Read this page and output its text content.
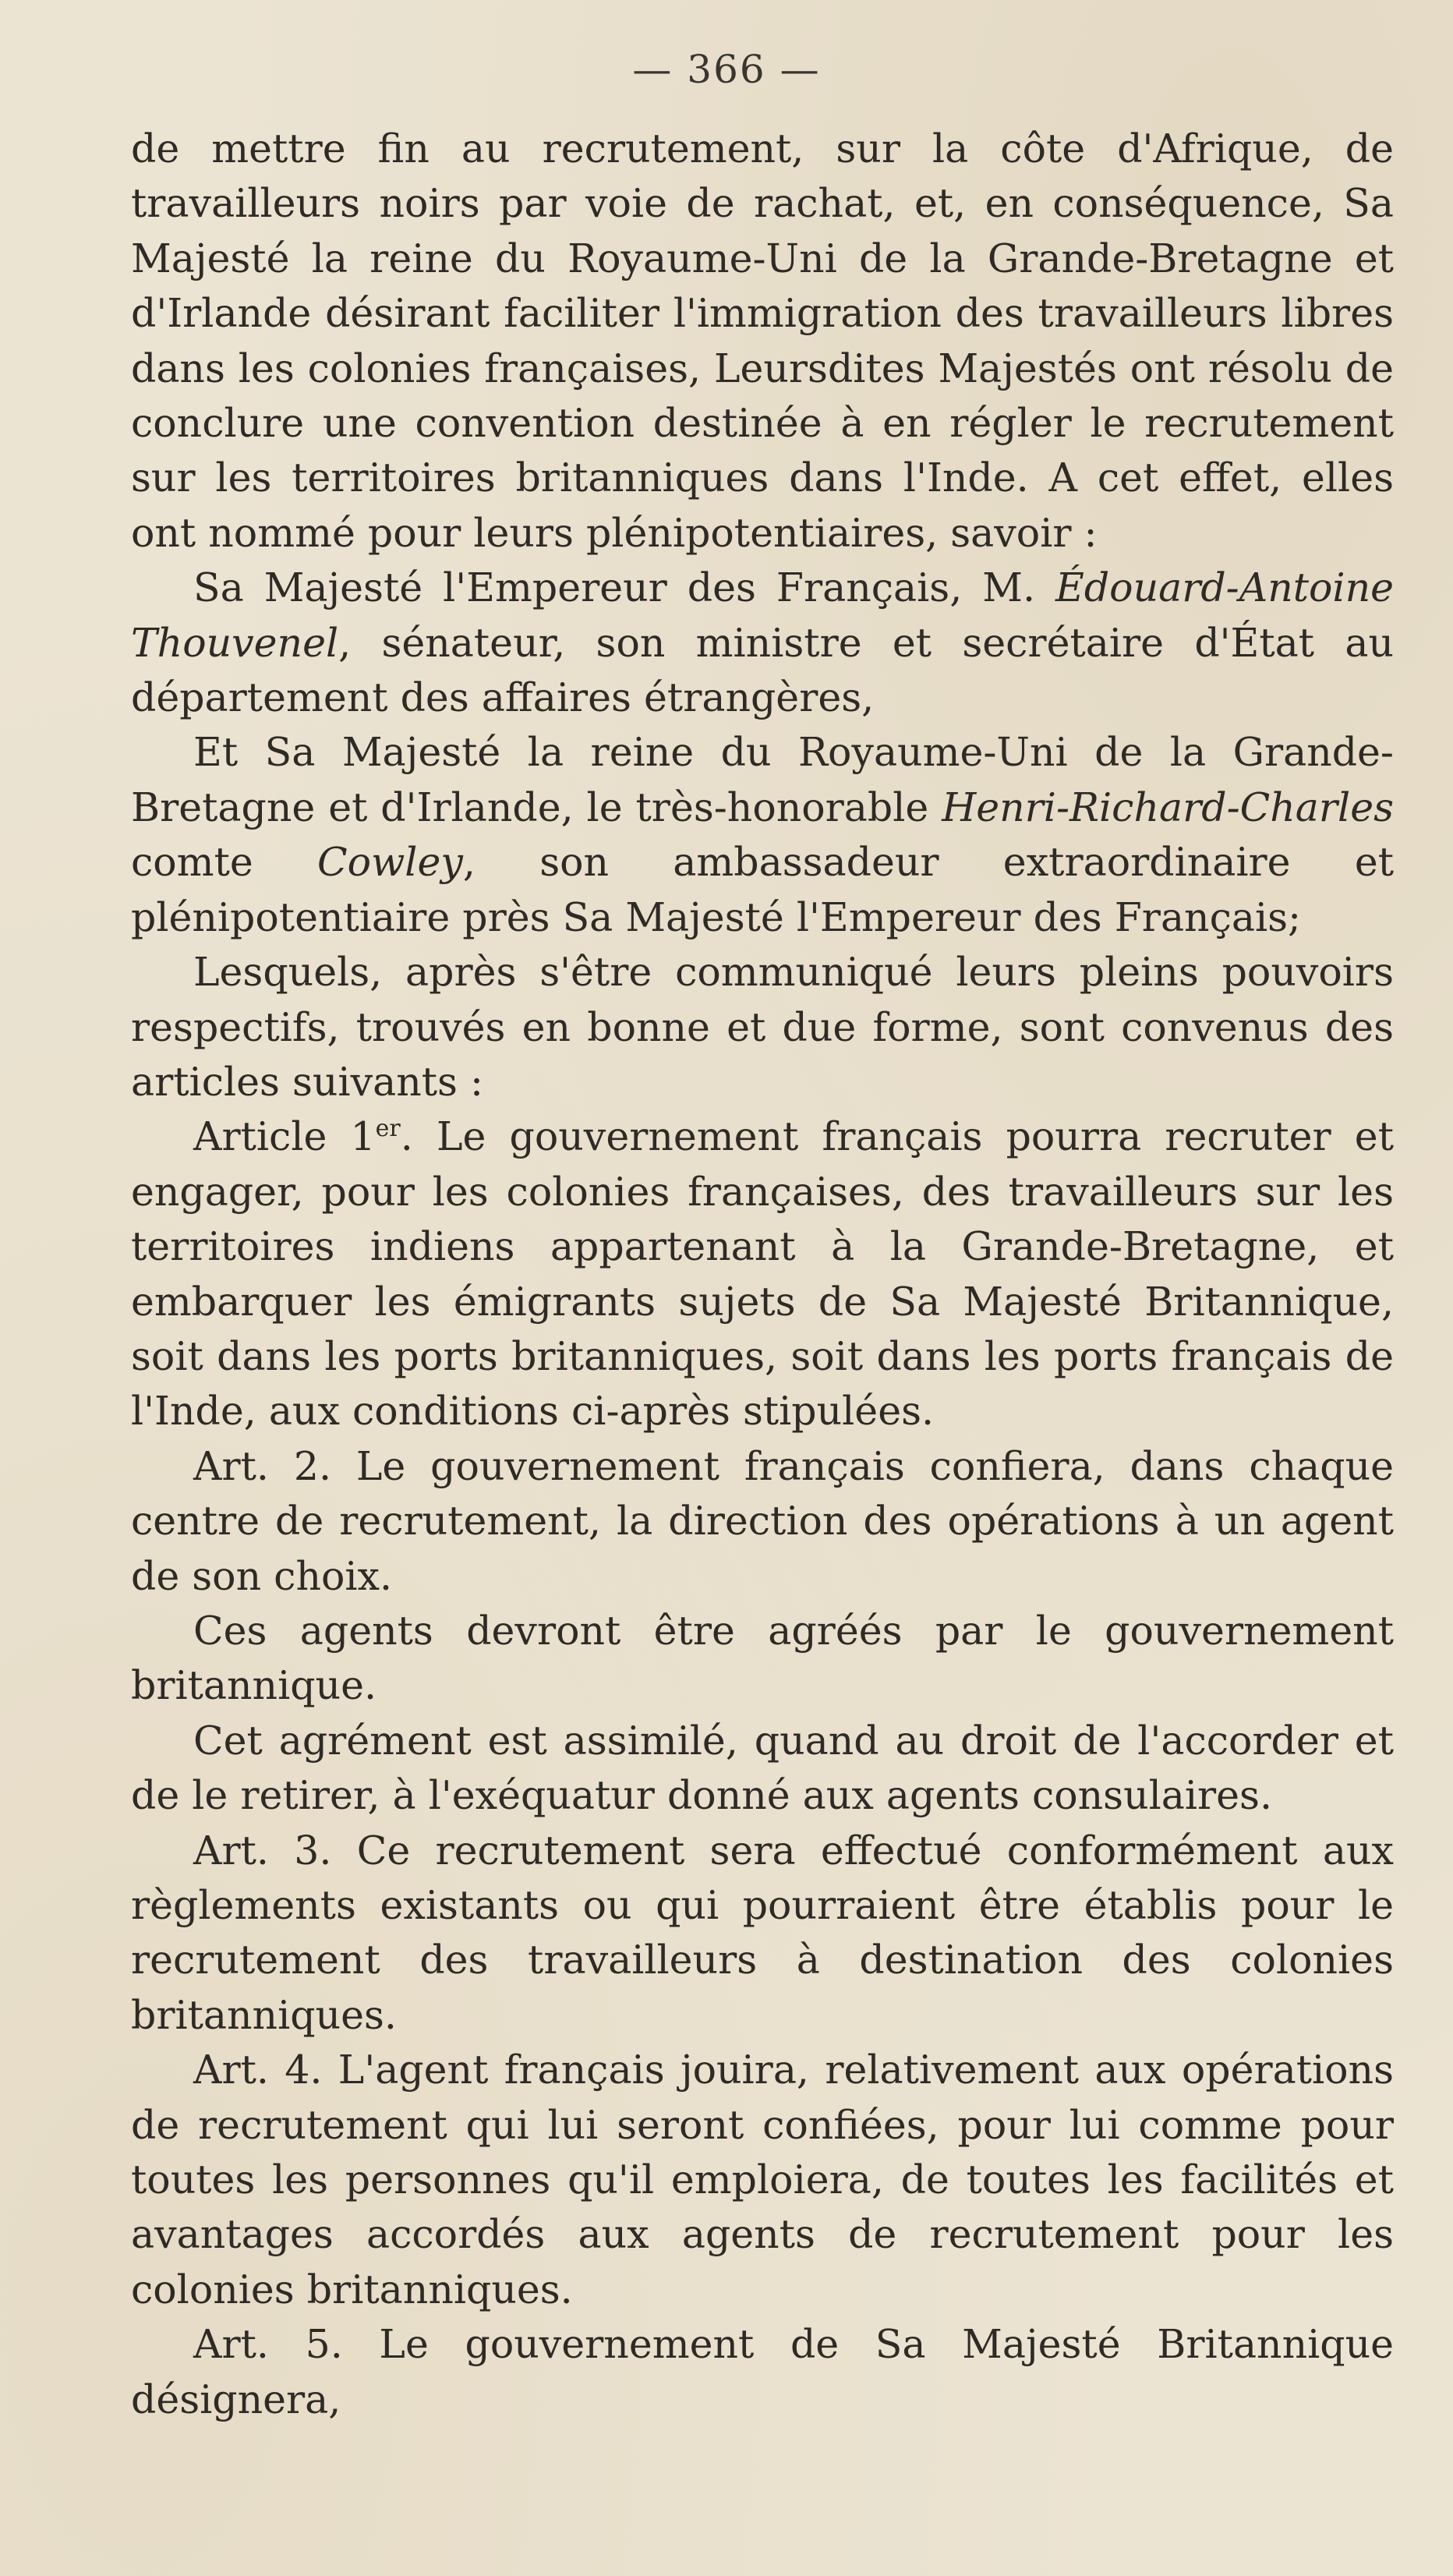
— 366 —

de mettre fin au recrutement, sur la côte d'Afrique, de travailleurs noirs par voie de rachat, et, en conséquence, Sa Majesté la reine du Royaume-Uni de la Grande-Bretagne et d'Irlande désirant faciliter l'immigration des travailleurs libres dans les colonies françaises, Leursdites Majestés ont résolu de conclure une convention destinée à en régler le recrutement sur les territoires britanniques dans l'Inde. A cet effet, elles ont nommé pour leurs plénipotentiaires, savoir :

Sa Majesté l'Empereur des Français, M. Édouard-Antoine Thouvenel, sénateur, son ministre et secrétaire d'État au département des affaires étrangères,

Et Sa Majesté la reine du Royaume-Uni de la Grande-Bretagne et d'Irlande, le très-honorable Henri-Richard-Charles comte Cowley, son ambassadeur extraordinaire et plénipotentiaire près Sa Majesté l'Empereur des Français;

Lesquels, après s'être communiqué leurs pleins pouvoirs respectifs, trouvés en bonne et due forme, sont convenus des articles suivants :

Article 1er. Le gouvernement français pourra recruter et engager, pour les colonies françaises, des travailleurs sur les territoires indiens appartenant à la Grande-Bretagne, et embarquer les émigrants sujets de Sa Majesté Britannique, soit dans les ports britanniques, soit dans les ports français de l'Inde, aux conditions ci-après stipulées.

Art. 2. Le gouvernement français confiera, dans chaque centre de recrutement, la direction des opérations à un agent de son choix.

Ces agents devront être agréés par le gouvernement britannique.

Cet agrément est assimilé, quand au droit de l'accorder et de le retirer, à l'exéquatur donné aux agents consulaires.

Art. 3. Ce recrutement sera effectué conformément aux règlements existants ou qui pourraient être établis pour le recrutement des travailleurs à destination des colonies britanniques.

Art. 4. L'agent français jouira, relativement aux opérations de recrutement qui lui seront confiées, pour lui comme pour toutes les personnes qu'il emploiera, de toutes les facilités et avantages accordés aux agents de recrutement pour les colonies britanniques.

Art. 5. Le gouvernement de Sa Majesté Britannique désignera,
